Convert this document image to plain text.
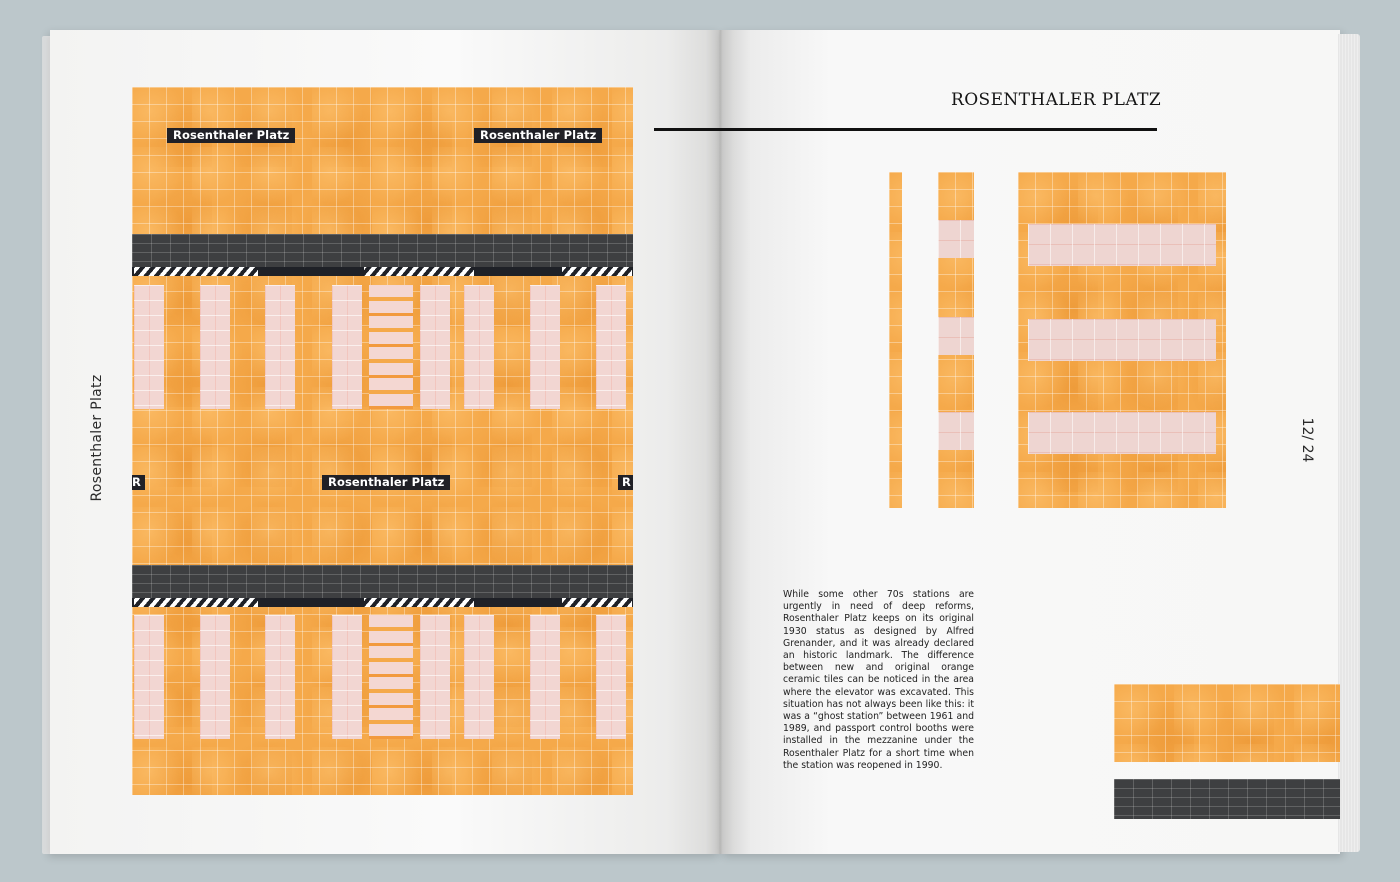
Rosenthaler Platz
Rosenthaler Platz	Rosenthaler Platz
R	Rosenthaler Platz	R
ROSENTHALER PLATZ
12/ 24
While some other 70s stations are urgently in need of deep reforms, Rosenthaler Platz keeps on its original 1930 status as designed by Alfred Grenander, and it was already declared an historic landmark. The difference between new and original orange ceramic tiles can be noticed in the area where the elevator was excavated. This situation has not always been like this: it was a “ghost station” between 1961 and 1989, and passport control booths were installed in the mezzanine under the Rosenthaler Platz for a short time when the station was reopened in 1990.
